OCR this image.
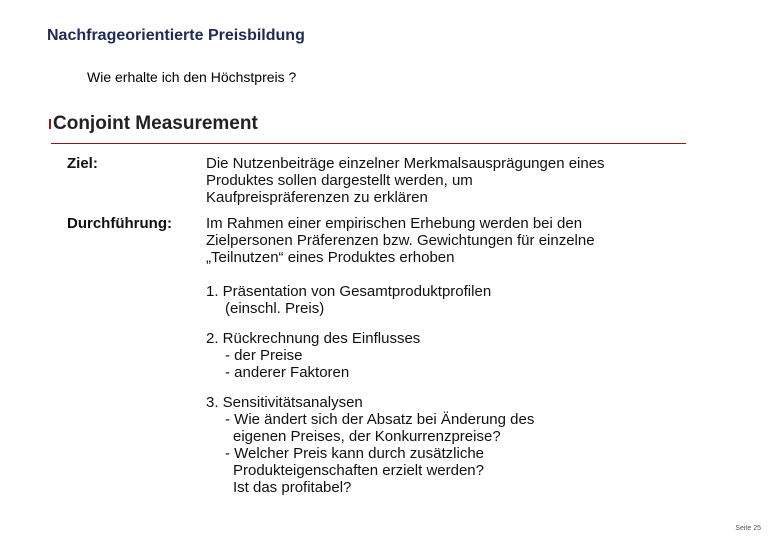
Nachfrageorientierte Preisbildung
Wie erhalte ich den Höchstpreis ?
Conjoint Measurement
Ziel:	Die Nutzenbeiträge einzelner Merkmalsausprägungen eines

Produktes sollen dargestellt werden, um

Kaufpreispräferenzen zu erklären

Durchführung: Im Rahmen einer empirischen Erhebung werden bei den

Zielpersonen Präferenzen bzw. Gewichtungen für einzelne

„Teilnutzen“ eines Produktes erhoben

1. Präsentation von Gesamtproduktprofilen
(einschl. Preis)
2. Rückrechnung des Einflusses
- der Preise
- anderer Faktoren
3. Sensitivitätsanalysen
- Wie ändert sich der Absatz bei Änderung des
eigenen Preises, der Konkurrenzpreise?
- Welcher Preis kann durch zusätzliche
Produkteigenschaften erzielt werden?
Ist das profitabel?
Seite 25
